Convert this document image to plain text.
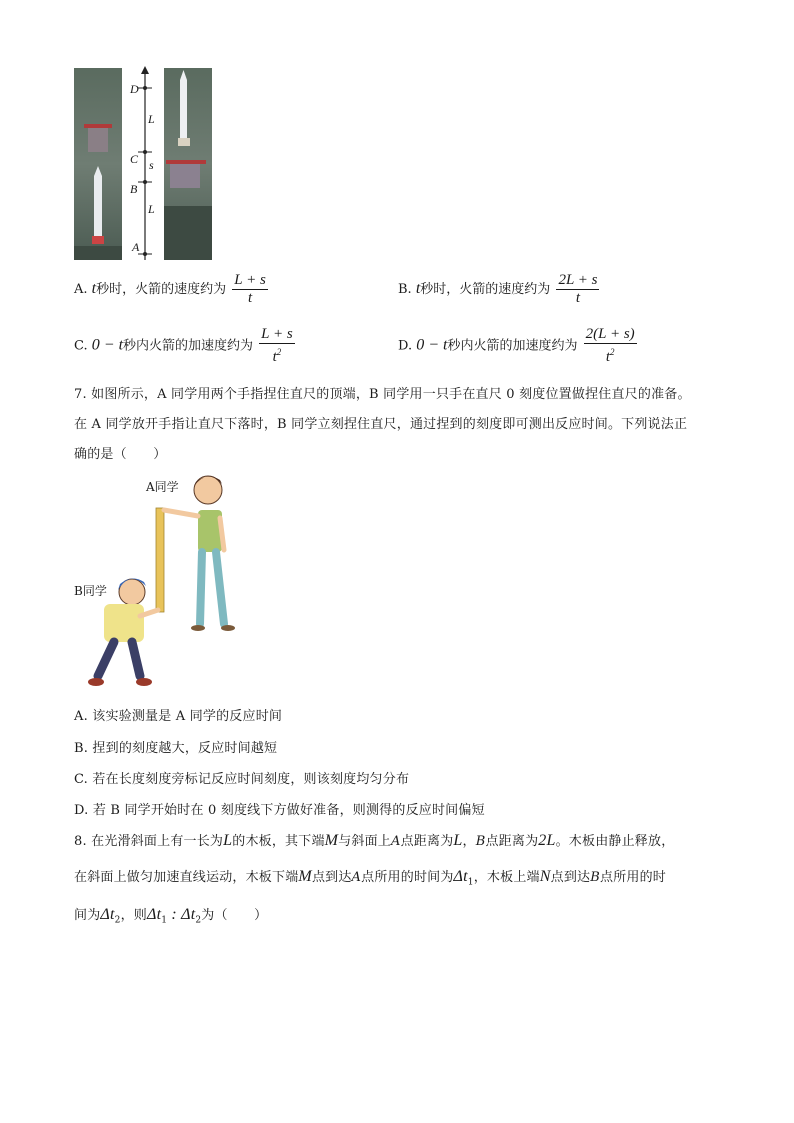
D
L
C s
B
L
A
A. t秒时，火箭的速度约为 $\frac{L + s}{t}$	B. t秒时，火箭的速度约为 $\frac{2L + s}{t}$
C. 0 − t秒内火箭的加速度约为 $\frac{L + s}{t^2}$	D. 0 − t秒内火箭的加速度约为 $\frac{2(L + s)}{t^2}$
7. 如图所示，A 同学用两个手指捏住直尺的顶端，B 同学用一只手在直尺 0 刻度位置做捏住直尺的准备。
在 A 同学放开手指让直尺下落时，B 同学立刻捏住直尺，通过捏到的刻度即可测出反应时间。下列说法正
确的是（　　）
A同学
B同学
A. 该实验测量是 A 同学的反应时间
B. 捏到的刻度越大，反应时间越短
C. 若在长度刻度旁标记反应时间刻度，则该刻度均匀分布
D. 若 B 同学开始时在 0 刻度线下方做好准备，则测得的反应时间偏短
8. 在光滑斜面上有一长为L的木板，其下端M与斜面上A点距离为L，B点距离为2L。木板由静止释放，
在斜面上做匀加速直线运动，木板下端M点到达A点所用的时间为$\Delta t_1$，木板上端N点到达B点所用的时
间为$\Delta t_2$，则$\Delta t_1$ : $\Delta t_2$为（　　）
